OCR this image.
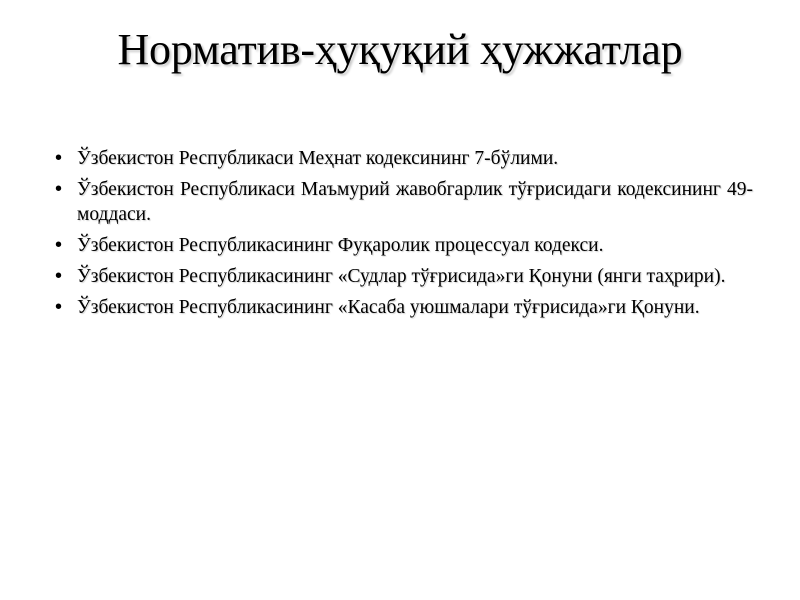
Норматив-ҳуқуқий ҳужжатлар
• Ўзбекистон Республикаси Меҳнат кодексининг 7-бўлими.
• Ўзбекистон Республикаси Маъмурий жавобгарлик тўғрисидаги кодексининг 49-моддаси.
• Ўзбекистон Республикасининг Фуқаролик процессуал кодекси.
• Ўзбекистон Республикасининг «Судлар тўғрисида»ги Қонуни (янги таҳрири).
• Ўзбекистон Республикасининг «Касаба уюшмалари тўғрисида»ги Қонуни.
